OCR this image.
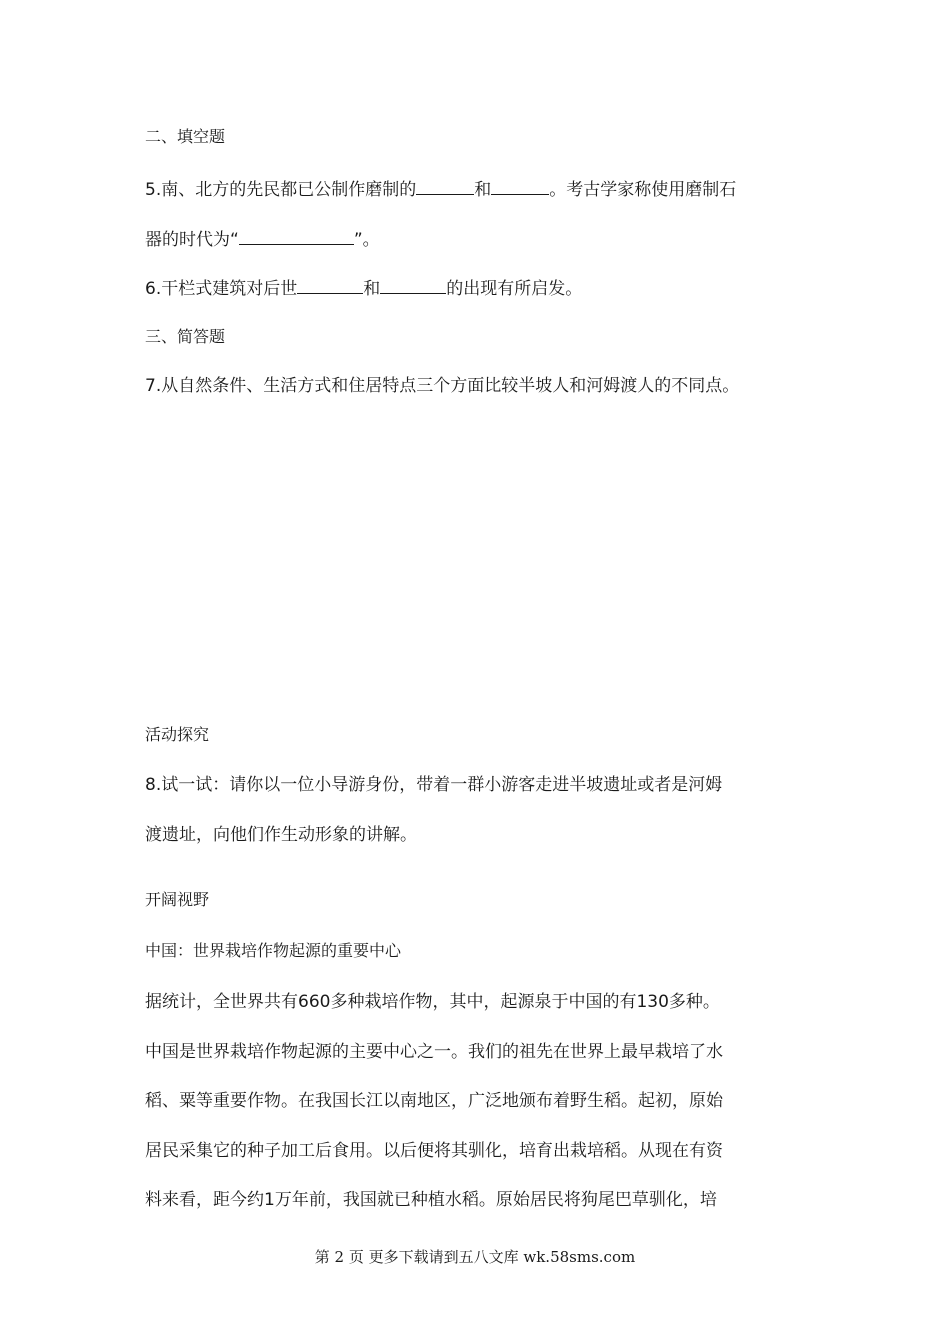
二、填空题
5.南、北方的先民都已公制作磨制的	和	。考古学家称使用磨制石
器的时代为“	”。
6.干栏式建筑对后世	和	的出现有所启发。
三、简答题
7.从自然条件、生活方式和住居特点三个方面比较半坡人和河姆渡人的不同点。
活动探究
8.试一试：请你以一位小导游身份，带着一群小游客走进半坡遗址或者是河姆
渡遗址，向他们作生动形象的讲解。
开阔视野
中国：世界栽培作物起源的重要中心
据统计，全世界共有660多种栽培作物，其中，起源泉于中国的有130多种。
中国是世界栽培作物起源的主要中心之一。我们的祖先在世界上最早栽培了水
稻、粟等重要作物。在我国长江以南地区，广泛地颁布着野生稻。起初，原始
居民采集它的种子加工后食用。以后便将其驯化，培育出栽培稻。从现在有资
料来看，距今约1万年前，我国就已种植水稻。原始居民将狗尾巴草驯化，培
第 2 页 更多下载请到五八文库 wk.58sms.com
